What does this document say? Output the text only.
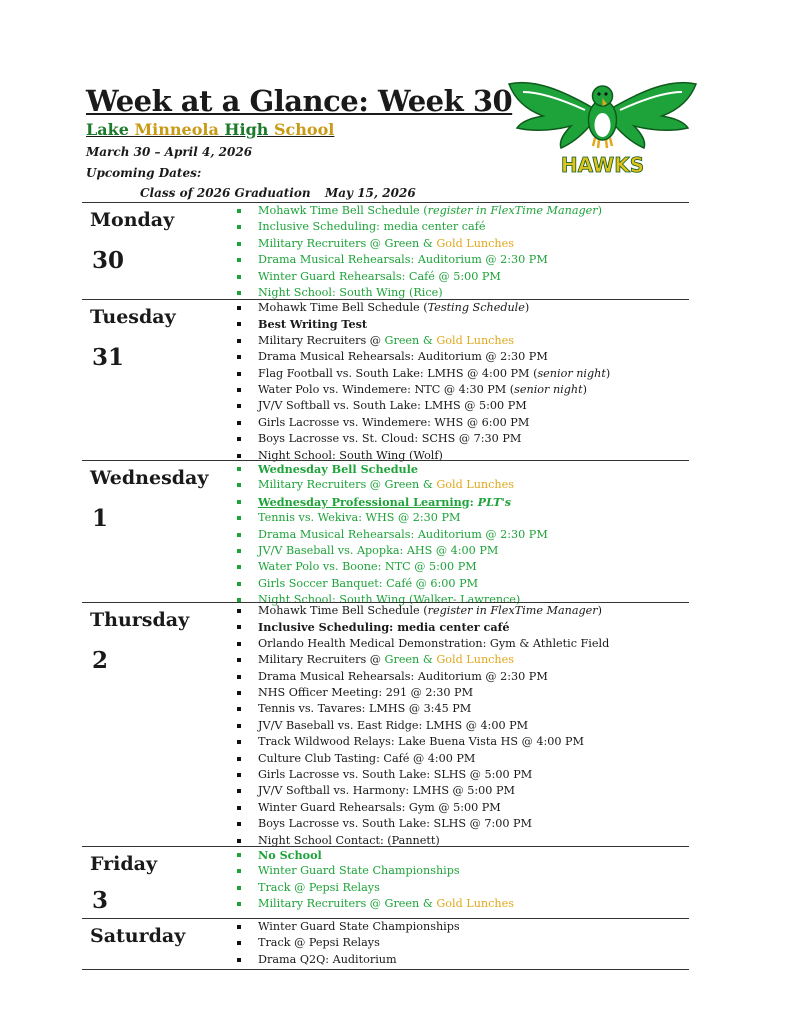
Week at a Glance: Week 30
Lake Minneola High School
March 30 – April 4, 2026
Upcoming Dates:
Class of 2026 Graduation May 15, 2026
HAWKS
Monday
30
Mohawk Time Bell Schedule (register in FlexTime Manager)
Inclusive Scheduling: media center café
Military Recruiters @ Green & Gold Lunches
Drama Musical Rehearsals: Auditorium @ 2:30 PM
Winter Guard Rehearsals: Café @ 5:00 PM
Night School: South Wing (Rice)
Tuesday
31
Mohawk Time Bell Schedule (Testing Schedule)
Best Writing Test
Military Recruiters @ Green & Gold Lunches
Drama Musical Rehearsals: Auditorium @ 2:30 PM
Flag Football vs. South Lake: LMHS @ 4:00 PM (senior night)
Water Polo vs. Windemere: NTC @ 4:30 PM (senior night)
JV/V Softball vs. South Lake: LMHS @ 5:00 PM
Girls Lacrosse vs. Windemere: WHS @ 6:00 PM
Boys Lacrosse vs. St. Cloud: SCHS @ 7:30 PM
Night School: South Wing (Wolf)
Wednesday
1
Wednesday Bell Schedule
Military Recruiters @ Green & Gold Lunches
Wednesday Professional Learning: PLT's
Tennis vs. Wekiva: WHS @ 2:30 PM
Drama Musical Rehearsals: Auditorium @ 2:30 PM
JV/V Baseball vs. Apopka: AHS @ 4:00 PM
Water Polo vs. Boone: NTC @ 5:00 PM
Girls Soccer Banquet: Café @ 6:00 PM
Night School: South Wing (Walker- Lawrence)
Thursday
2
Mohawk Time Bell Schedule (register in FlexTime Manager)
Inclusive Scheduling: media center café
Orlando Health Medical Demonstration: Gym & Athletic Field
Military Recruiters @ Green & Gold Lunches
Drama Musical Rehearsals: Auditorium @ 2:30 PM
NHS Officer Meeting: 291 @ 2:30 PM
Tennis vs. Tavares: LMHS @ 3:45 PM
JV/V Baseball vs. East Ridge: LMHS @ 4:00 PM
Track Wildwood Relays: Lake Buena Vista HS @ 4:00 PM
Culture Club Tasting: Café @ 4:00 PM
Girls Lacrosse vs. South Lake: SLHS @ 5:00 PM
JV/V Softball vs. Harmony: LMHS @ 5:00 PM
Winter Guard Rehearsals: Gym @ 5:00 PM
Boys Lacrosse vs. South Lake: SLHS @ 7:00 PM
Night School Contact: (Pannett)
Friday
3
No School
Winter Guard State Championships
Track @ Pepsi Relays
Military Recruiters @ Green & Gold Lunches
Saturday	Winter Guard State Championships
Track @ Pepsi Relays
Drama Q2Q: Auditorium
